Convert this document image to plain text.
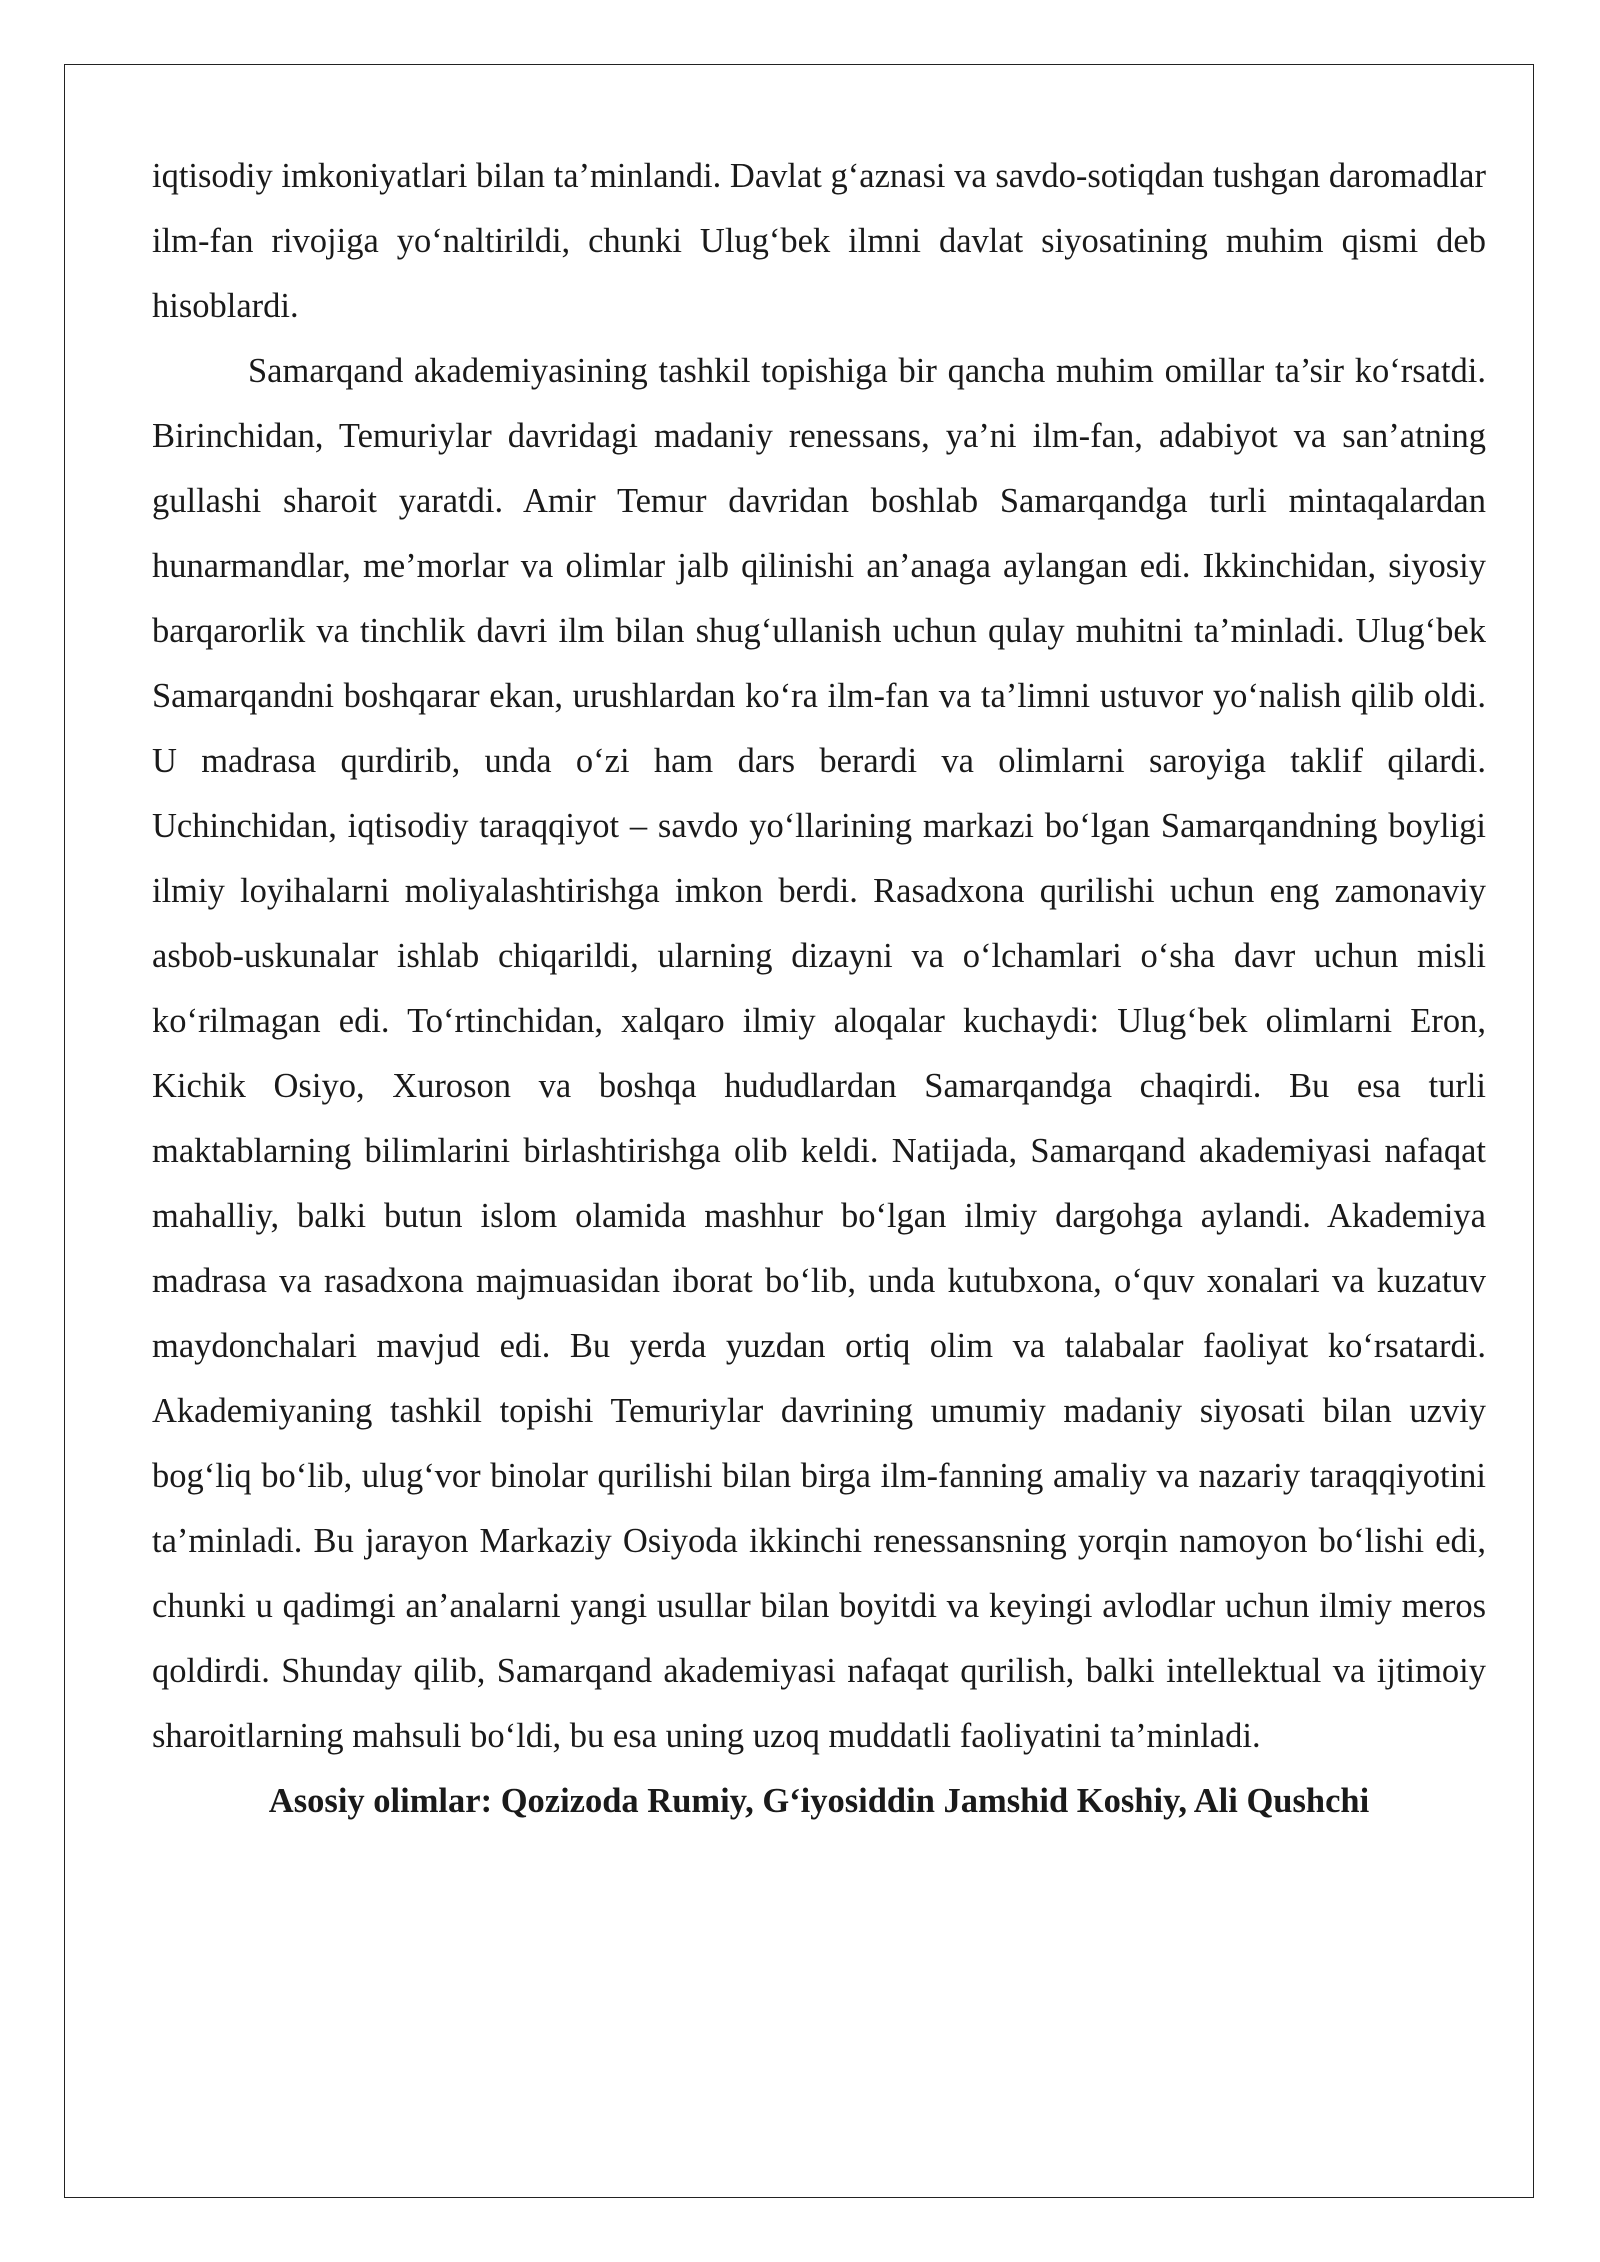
iqtisodiy imkoniyatlari bilan ta’minlandi. Davlat g‘aznasi va savdo-sotiqdan tushgan daromadlar ilm-fan rivojiga yo‘naltirildi, chunki Ulug‘bek ilmni davlat siyosatining muhim qismi deb hisoblardi.

Samarqand akademiyasining tashkil topishiga bir qancha muhim omillar ta’sir ko‘rsatdi. Birinchidan, Temuriylar davridagi madaniy renessans, ya’ni ilm-fan, adabiyot va san’atning gullashi sharoit yaratdi. Amir Temur davridan boshlab Samarqandga turli mintaqalardan hunarmandlar, me’morlar va olimlar jalb qilinishi an’anaga aylangan edi. Ikkinchidan, siyosiy barqarorlik va tinchlik davri ilm bilan shug‘ullanish uchun qulay muhitni ta’minladi. Ulug‘bek Samarqandni boshqarar ekan, urushlardan ko‘ra ilm-fan va ta’limni ustuvor yo‘nalish qilib oldi. U madrasa qurdirib, unda o‘zi ham dars berardi va olimlarni saroyiga taklif qilardi. Uchinchidan, iqtisodiy taraqqiyot – savdo yo‘llarining markazi bo‘lgan Samarqandning boyligi ilmiy loyihalarni moliyalashtirishga imkon berdi. Rasadxona qurilishi uchun eng zamonaviy asbob-uskunalar ishlab chiqarildi, ularning dizayni va o‘lchamlari o‘sha davr uchun misli ko‘rilmagan edi. To‘rtinchidan, xalqaro ilmiy aloqalar kuchaydi: Ulug‘bek olimlarni Eron, Kichik Osiyo, Xuroson va boshqa hududlardan Samarqandga chaqirdi. Bu esa turli maktablarning bilimlarini birlashtirishga olib keldi. Natijada, Samarqand akademiyasi nafaqat mahalliy, balki butun islom olamida mashhur bo‘lgan ilmiy dargohga aylandi. Akademiya madrasa va rasadxona majmuasidan iborat bo‘lib, unda kutubxona, o‘quv xonalari va kuzatuv maydonchalari mavjud edi. Bu yerda yuzdan ortiq olim va talabalar faoliyat ko‘rsatardi. Akademiyaning tashkil topishi Temuriylar davrining umumiy madaniy siyosati bilan uzviy bog‘liq bo‘lib, ulug‘vor binolar qurilishi bilan birga ilm-fanning amaliy va nazariy taraqqiyotini ta’minladi. Bu jarayon Markaziy Osiyoda ikkinchi renessansning yorqin namoyon bo‘lishi edi, chunki u qadimgi an’analarni yangi usullar bilan boyitdi va keyingi avlodlar uchun ilmiy meros qoldirdi. Shunday qilib, Samarqand akademiyasi nafaqat qurilish, balki intellektual va ijtimoiy sharoitlarning mahsuli bo‘ldi, bu esa uning uzoq muddatli faoliyatini ta’minladi.

Asosiy olimlar: Qozizoda Rumiy, G‘iyosiddin Jamshid Koshiy, Ali Qushchi
